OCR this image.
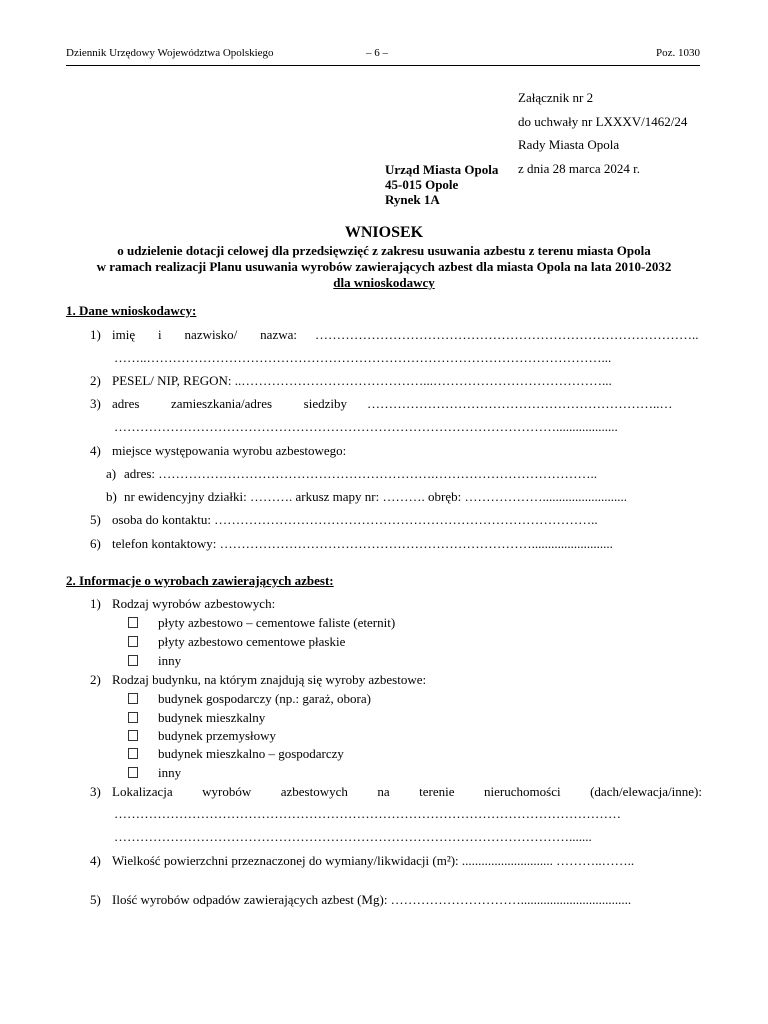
Dziennik Urzędowy Województwa Opolskiego	– 6 –	Poz. 1030
Załącznik nr 2
do uchwały nr LXXXV/1462/24
Rady Miasta Opola
z dnia 28 marca 2024 r.
Urząd Miasta Opola
45-015 Opole
Rynek 1A
WNIOSEK
o udzielenie dotacji celowej dla przedsięwzięć z zakresu usuwania azbestu z terenu miasta Opola
w ramach realizacji Planu usuwania wyrobów zawierających azbest dla miasta Opola na lata 2010-2032
dla wnioskodawcy
1. Dane wnioskodawcy:
1) imię i nazwisko/ nazwa: ……………………………………………………………………………..
……..……………………………………………………………………………………………...
2) PESEL/ NIP, REGON: ..……………………………………...…………………………………...
3) adres zamieszkania/adres siedziby …………………………………………………………..…
…………………………………………………………………………………………...................
4) miejsce występowania wyrobu azbestowego:
a) adres: ……………………………………………………….………………………………..
b) nr ewidencyjny działki: ………. arkusz mapy nr: ………. obręb: ………………..........................
5) osoba do kontaktu: ……………………………………………………………………………..
6) telefon kontaktowy: ……………………………………………………………….........................
2. Informacje o wyrobach zawierających azbest:
1) Rodzaj wyrobów azbestowych:
płyty azbestowo – cementowe faliste (eternit)
płyty azbestowo cementowe płaskie
inny
2) Rodzaj budynku, na którym znajdują się wyroby azbestowe:
budynek gospodarczy (np.: garaż, obora)
budynek mieszkalny
budynek przemysłowy
budynek mieszkalno – gospodarczy
inny
3) Lokalizacja wyrobów azbestowych na terenie nieruchomości (dach/elewacja/inne):
………………………………………………………………………………………………………
…………………………………………………………………………………………….......
4) Wielkość powierzchni przeznaczonej do wymiany/likwidacji (m²): ............................ ………..……..
5) Ilość wyrobów odpadów zawierających azbest (Mg): …………………………..................................
